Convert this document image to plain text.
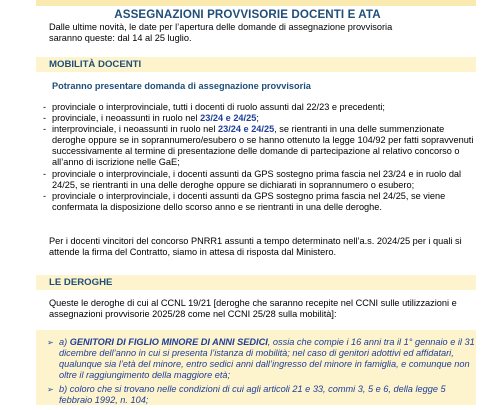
ASSEGNAZIONI PROVVISORIE DOCENTI E ATA
Dalle ultime novità, le date per l’apertura delle domande di assegnazione provvisoria
saranno queste: dal 14 al 25 luglio.
MOBILITÀ DOCENTI
Potranno presentare domanda di assegnazione provvisoria
- provinciale o interprovinciale, tutti i docenti di ruolo assunti dal 22/23 e precedenti;
- provinciale, i neoassunti in ruolo nel 23/24 e 24/25;
- interprovinciale, i neoassunti in ruolo nel 23/24 e 24/25, se rientranti in una delle summenzionate deroghe oppure se in soprannumero/esubero o se hanno ottenuto la legge 104/92 per fatti sopravvenuti successivamente al termine di presentazione delle domande di partecipazione al relativo concorso o all’anno di iscrizione nelle GaE;
- provinciale o interprovinciale, i docenti assunti da GPS sostegno prima fascia nel 23/24 e in ruolo dal 24/25, se rientranti in una delle deroghe oppure se dichiarati in soprannumero o esubero;
- provinciale o interprovinciale, i docenti assunti da GPS sostegno prima fascia nel 24/25, se viene confermata la disposizione dello scorso anno e se rientranti in una delle deroghe.
Per i docenti vincitori del concorso PNRR1 assunti a tempo determinato nell’a.s. 2024/25 per i quali si attende la firma del Contratto, siamo in attesa di risposta dal Ministero.
LE DEROGHE
Queste le deroghe di cui al CCNL 19/21 [deroghe che saranno recepite nel CCNI sulle utilizzazioni e assegnazioni provvisorie 2025/28 come nel CCNI 25/28 sulla mobilità]:
➢ a) GENITORI DI FIGLIO MINORE DI ANNI SEDICI, ossia che compie i 16 anni tra il 1° gennaio e il 31 dicembre dell’anno in cui si presenta l’istanza di mobilità; nel caso di genitori adottivi ed affidatari, qualunque sia l’età del minore, entro sedici anni dall’ingresso del minore in famiglia, e comunque non oltre il raggiungimento della maggiore età;
➢ b) coloro che si trovano nelle condizioni di cui agli articoli 21 e 33, commi 3, 5 e 6, della legge 5 febbraio 1992, n. 104;
